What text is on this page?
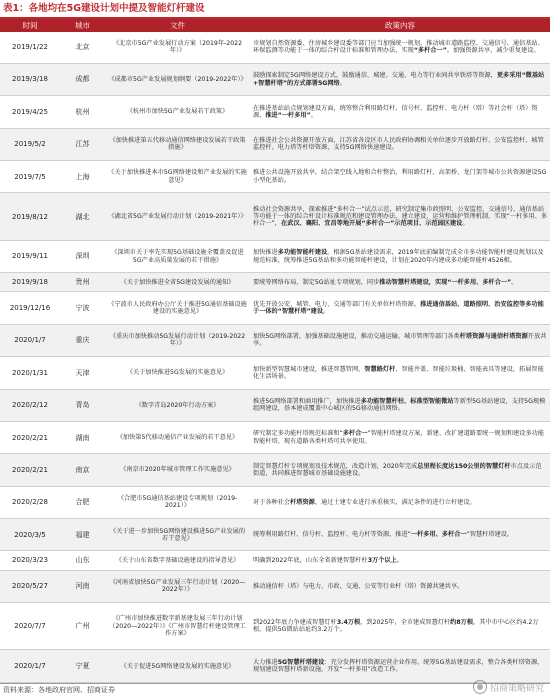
表1：各地均在5G建设计划中提及智能灯杆建设
时间	城市	文件	政策内容
2019/1/22	北京	《北京市5G产业发展行动方案（2019年-2022年）》	市规划自然资源委、住房城乡建设委等部门应当加强统一规划，推动城市道路监控、交通信号、通信基站、环保监测等功能于一体的综合杆设计标准和管理办法，实现“多杆合一”。加强资源共享，减少重复建设。
2019/3/18	成都	《成都市5G产业发展规划纲要（2019-2022年）》	鼓励探索制定5G网络建设方式，鼓励通信、城建、交通、电力等行业间共享铁塔等资源，更多采用“微基站+智慧杆塔”的方式部署5G网络。
2019/4/25	杭州	《杭州市加快5G产业发展若干政策》	在推进基站站点规划建设方面，统筹整合利用路灯杆、信号杆、监控杆、电力杆（塔）等社会杆（塔）资源，推进“一杆多用”。
2019/5/2	江苏	《加快推进第五代移动通信网络建设发展若干政策措施》	在推进社会公共资源开放方面，江苏省各设区市人民政府协调相关单位逐步开放路灯杆、公安监控杆、城管监控杆、电力塔等杆塔资源，支持5G网络快速建设。
2019/7/5	上海	《关于加快推进本市5G网络建设和产业发展的实施意见》	推进公共设施开放共享，结合架空线入地和合杆整治，利用路灯杆、高架桥、龙门架等城市公共资源建设5G小型化基站。
2019/8/12	湖北	《湖北省5G产业发展行动计划（2019-2021年）》	推动社会资源共享，探索推进“多杆合一”试点示范，研究制定集市政照明、公安监控、交通信号、通信基站等功能于一体的综合杆设计标准规范和建设管理办法，建立建设、运营和维护管理机制，实现“一杆多用、多杆合一”，在武汉、襄阳、宜昌等地开展“多杆合一”示范项目、示范园区建设。
2019/9/11	深圳	《深圳市关于率先实现5G基础设施全覆盖及促进5G产业高质量发展的若干措施》	加快推进多功能智能杆建设。根据5G基站建设需求，2019年底前编制完成全市多功能智能杆建设规划以及规范标准，统筹推进5G基站和多功能智能杆建设，计划在2020年内建成多功能智能杆4526根。
2019/9/18	贵州	《关于加快推进全省5G建设发展的通知》	要统筹网络布局，制定5G站址专项规划，同步推动智慧杆塔建设，实现“一杆多用、多杆合一”。
2019/12/16	宁波	《宁波市人民政府办公厅关于推进5G通信基础设施建设的实施意见》	优先开放公安、城管、电力、交通等部门有关单位杆塔资源。推进通信基站、道路照明、治安监控等多功能于一体的“智慧杆塔”建设。
2020/1/7	重庆	《重庆市加快推动5G发展行动计划（2019-2022年）》	加快5G网络部署，加强基础设施建设，推动交通运输、城市管理等部门各类杆塔资源与通信杆塔资源开放共享。
2020/1/31	天津	《关于加快推进5G发展的实施意见》	加快新型智慧城市建设，推进智慧管网、智慧路灯杆、智能井盖、智能垃圾桶、智能表具等建设，拓展智能化生活场景。
2020/2/12	青岛	《数字青岛2020年行动方案》	推进5G网络部署和商用推广，加快推进多功能智慧杆柱、标准型智能微站等新型5G基站建设，支持5G规模组网建设，基本建成覆盖中心城区的5G移动通信网络。
2020/2/21	湖南	《加快第5代移动通信产业发展的若干意见》	研究制定多功能杆塔规范标准和“多杆合一”智能杆塔建设方案，新建、改扩建道路要统一规划和建设多功能智能杆塔，现有道路各类杆塔可共享使用。
2020/2/21	南京	《南京市2020年城市管理工作实施意见》	制定智慧灯杆专项规划及技术规范，改造计划，2020年完成总里程长度达150公里的智慧灯杆市点及示范街道，共同推进智慧城市基础设施建设。
2020/2/28	合肥	《合肥市5G通信基站建设专项规划（2019-2021）》	对于各种社会杆塔资源，通过土建专业进行承重核实，满足条件的进行立杆建设。
2020/3/5	福建	《关于进一步加快5G网络建设推进5G产业发展的若干意见》	统筹利用路灯杆、信号杆、监控杆、电力杆等资源，推进“一杆多用、多杆合一”智慧杆塔建设。
2020/3/23	山东	《关于山东省数字基础设施建设的指导意见》	明确到2022年底，山东全省新建智慧杆柱3万个以上。
2020/5/27	河南	《河南省加快5G产业发展三年行动计划（2020—2022年）》	推动通信杆（塔）与电力、市政、交通、公安等行业杆（塔）资源共建共享。
2020/7/7	广州	《广州市加快推进数字新基建发展三年行动计划（2020—2022年）》《广州市智慧灯杆建设管理工作方案》	到2022年底力争建成智慧灯杆3.4万根，到2025年，全市建成智慧灯杆约8万根，其中市中心区约4.2万根，提供5G微站站址约3.2万个。
2020/1/7	宁夏	《关于促进5G网络建设发展的实施意见》	大力推进5G智慧杆塔建设：充分发挥杆塔资源运营企业作用，统筹5G基站建设需求，整合各类杆塔资源，规划建设智慧杆塔新设施，开发“一杆多用”改造工作。
资料来源：各地政府官网、招商证券	招商策略研究
